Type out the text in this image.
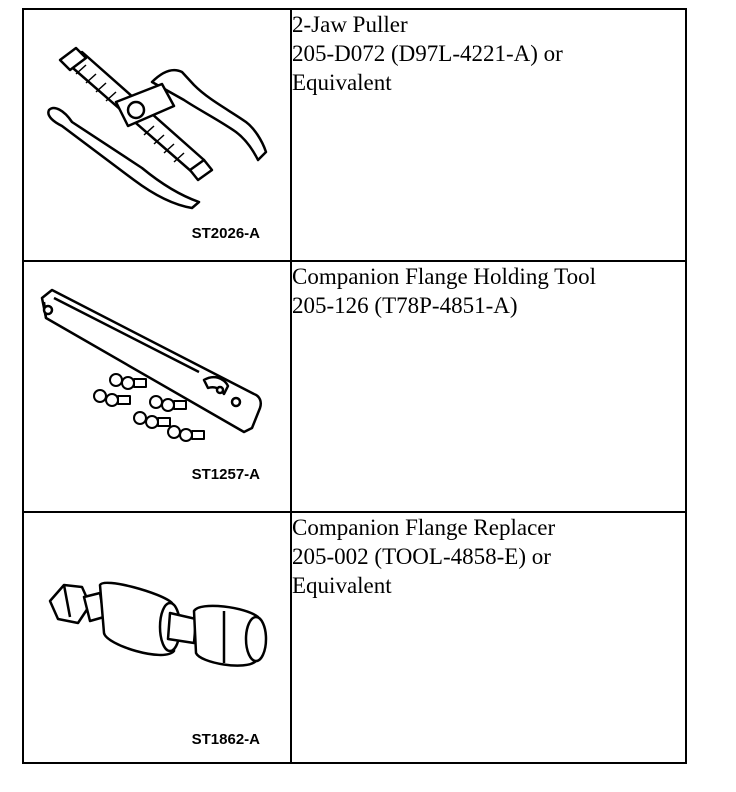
ST2026-A	2-Jaw Puller
205-D072 (D97L-4221-A) or
Equivalent

ST1257-A	Companion Flange Holding Tool
205-126 (T78P-4851-A)

ST1862-A	Companion Flange Replacer
205-002 (TOOL-4858-E) or
Equivalent
